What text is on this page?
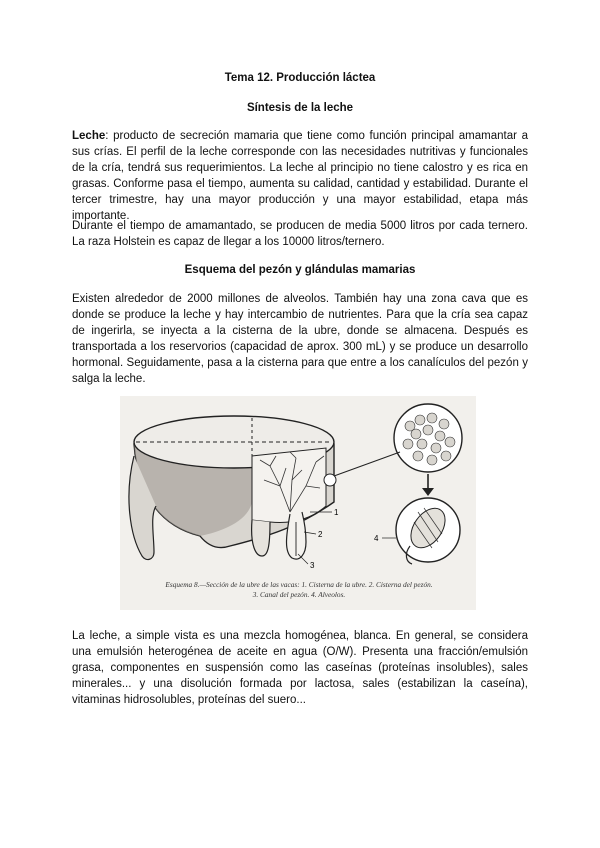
Tema 12. Producción láctea
Síntesis de la leche

Leche: producto de secreción mamaria que tiene como función principal amamantar a sus crías. El perfil de la leche corresponde con las necesidades nutritivas y funcionales de la cría, tendrá sus requerimientos. La leche al principio no tiene calostro y es rica en grasas. Conforme pasa el tiempo, aumenta su calidad, cantidad y estabilidad. Durante el tercer trimestre, hay una mayor producción y una mayor estabilidad, etapa más importante.

Durante el tiempo de amamantado, se producen de media 5000 litros por cada ternero. La raza Holstein es capaz de llegar a los 10000 litros/ternero.

Esquema del pezón y glándulas mamarias

Existen alrededor de 2000 millones de alveolos. También hay una zona cava que es donde se produce la leche y hay intercambio de nutrientes. Para que la cría sea capaz de ingerirla, se inyecta a la cisterna de la ubre, donde se almacena. Después es transportada a los reservorios (capacidad de aprox. 300 mL) y se produce un desarrollo hormonal. Seguidamente, pasa a la cisterna para que entre a los canalículos del pezón y salga la leche.

1
2
3
4
Esquema 8.—Sección de la ubre de las vacas: 1. Cisterna de la ubre. 2. Cisterna del pezón.
3. Canal del pezón. 4. Alveolos.

La leche, a simple vista es una mezcla homogénea, blanca. En general, se considera una emulsión heterogénea de aceite en agua (O/W). Presenta una fracción/emulsión grasa, componentes en suspensión como las caseínas (proteínas insolubles), sales minerales... y una disolución formada por lactosa, sales (estabilizan la caseína), vitaminas hidrosolubles, proteínas del suero...
